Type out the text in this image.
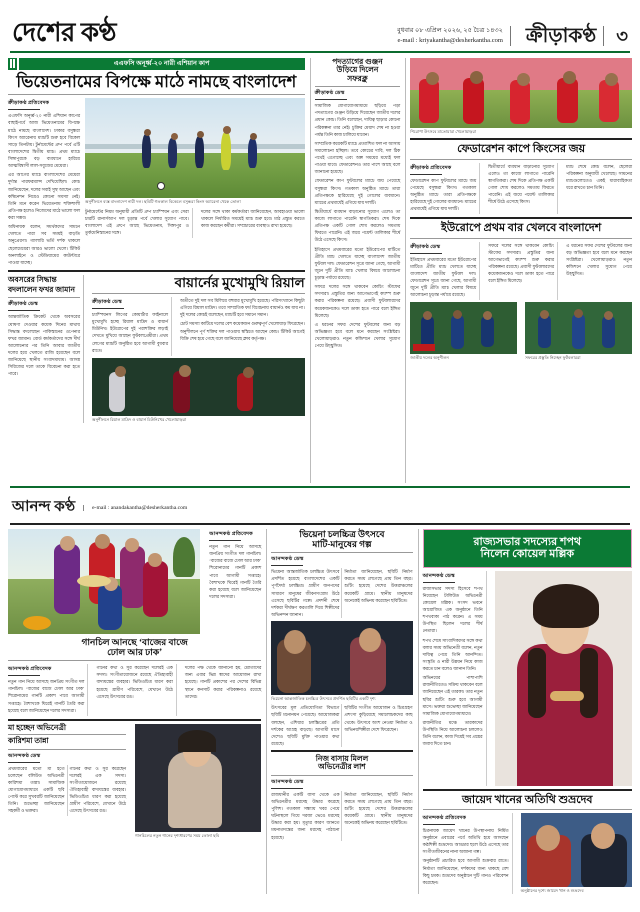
দেশের কণ্ঠ	বুধবার ০৮ এপ্রিল ২০২৬, ২৫ চৈত্র ১৪৩২
e-mail : kriyakantha@desherkantha.com	ক্রীড়াকণ্ঠ	৩
এএফসি অনূর্ধ্ব-২০ নারী এশিয়ান কাপ
ভিয়েতনামের বিপক্ষে মাঠে নামছে বাংলাদেশ
ক্রীড়াকণ্ঠ প্রতিবেদক
এএফসি অনূর্ধ্ব-২০ নারী এশিয়ান কাপের বাছাইপর্বে আজ ভিয়েতনামের বিপক্ষে মাঠে নামছে বাংলাদেশ। ঢাকার বসুন্ধরা কিংস অ্যারেনায় ম্যাচটি শুরু হবে বিকেল সাড়ে তিনটায়। টুর্নামেন্টের গ্রুপ পর্বে এটি বাংলাদেশের দ্বিতীয় ম্যাচ। প্রথম ম্যাচে সিঙ্গাপুরকে বড় ব্যবধানে হারিয়ে আত্মবিশ্বাসী লাল-সবুজের মেয়েরা।
এর আগের ম্যাচে বাংলাদেশের মেয়েরা দুর্দান্ত পারফরম্যান্স দেখিয়েছিল। কোচ জানিয়েছেন, দলের সবাই সুস্থ আছেন এবং কম্বিনেশন নিয়েও কোনো সমস্যা নেই। তিনি মনে করেন ভিয়েতনাম শক্তিশালী প্রতিপক্ষ হলেও নিজেদের মাঠে ভালো ফল করা সম্ভব।
অধিনায়ক বলেন, সমর্থকদের সামনে খেলতে পারা সব সময়ই বাড়তি অনুপ্রেরণা। গ্যালারি ভর্তি দর্শক থাকলে ছেলেমেয়েরা আরও ভালো খেলে। টিকিট অনলাইনে ও স্টেডিয়ামের কাউন্টারে পাওয়া যাচ্ছে।
অনুশীলনে ব্যস্ত বাংলাদেশ নারী দল। ছবিটি গতকাল বিকেলে বসুন্ধরা কিংস অ্যারেনা থেকে তোলা
টুর্নামেন্টের নিয়ম অনুযায়ী প্রতিটি গ্রুপ চ্যাম্পিয়ন এবং সেরা চারটি রানার্সআপ দল চূড়ান্ত পর্বে খেলার সুযোগ পাবে। বাংলাদেশ এই গ্রুপে আছে ভিয়েতনাম, সিঙ্গাপুর ও তুর্কমেনিস্তানের সঙ্গে।
দলের সঙ্গে থাকা কর্মকর্তারা জানিয়েছেন, আবহাওয়া ভালো থাকলে নির্ধারিত সময়েই ম্যাচ শুরু হবে। মাঠ প্রস্তুত করতে কাজ করছেন কর্মীরা। সম্প্রচারের ব্যবস্থাও রাখা হয়েছে।
অবসরের সিদ্ধান্ত
বদলালেন ফখর জামান
ক্রীড়াকণ্ঠ ডেস্ক
আন্তর্জাতিক ক্রিকেট থেকে অবসরের ঘোষণা দেওয়ার কয়েক দিনের মাথায় সিদ্ধান্ত বদলেছেন পাকিস্তানের ওপেনার ফখর জামান। বোর্ড কর্মকর্তাদের সঙ্গে দীর্ঘ আলোচনার পর তিনি আবার জাতীয় দলের হয়ে খেলতে রাজি হয়েছেন বলে জানিয়েছে স্থানীয় সংবাদমাধ্যম। আসন্ন সিরিজের দলে তাকে বিবেচনা করা হতে পারে।
বায়ার্নের মুখোমুখি রিয়াল
ক্রীড়াকণ্ঠ ডেস্ক
চ্যাম্পিয়নস লিগের কোয়ার্টার ফাইনালে মুখোমুখি হচ্ছে রিয়াল মাদ্রিদ ও বায়ার্ন মিউনিখ। ইউরোপের দুই পরাশক্তির লড়াই দেখতে মুখিয়ে আছেন ফুটবলপ্রেমীরা। প্রথম লেগের ম্যাচটি অনুষ্ঠিত হবে আগামী বুধবার রাতে।
অতীতে দুই দল সব মিলিয়ে বহুবার মুখোমুখি হয়েছে। পরিসংখ্যানে কিছুটা এগিয়ে রিয়াল মাদ্রিদ। তবে সাম্প্রতিক ফর্ম বিবেচনায় বায়ার্নও কম যায় না। দুই দলের কোচই বলেছেন, ম্যাচটি হবে সমানে সমান।
চোট সমস্যা কাটিয়ে দলের বেশ কয়েকজন গুরুত্বপূর্ণ খেলোয়াড় ফিরেছেন। অনুশীলনে পূর্ণ শক্তির দল পাওয়ায় স্বস্তিতে আছেন কোচ। টিকিট আগেই বিক্রি শেষ হয়ে গেছে বলে জানিয়েছে ক্লাব কর্তৃপক্ষ।
অনুশীলনে রিয়াল মাদ্রিদ ও বায়ার্ন মিউনিখের খেলোয়াড়রা
পদত্যাগের গুঞ্জন
উড়িয়ে দিলেন
সফরক্লু
ক্রীড়াকণ্ঠ ডেস্ক
সামাজিক যোগাযোগমাধ্যমে ছড়িয়ে পড়া পদত্যাগের গুঞ্জন উড়িয়ে দিয়েছেন জাতীয় দলের প্রধান কোচ। তিনি বলেছেন, দায়িত্ব ছাড়ার কোনো পরিকল্পনা তার নেই। চুক্তির মেয়াদ শেষ না হওয়া পর্যন্ত তিনি কাজ চালিয়ে যাবেন।
সাম্প্রতিক কয়েকটি ম্যাচে প্রত্যাশিত ফল না আসায় সমালোচনা হচ্ছিল। তবে কোচের দাবি, দল ঠিক পথেই এগোচ্ছে এবং অল্প সময়ের মধ্যেই ফল পাওয়া যাবে। ফেডারেশনও তার পাশে আছে বলে জানানো হয়েছে।
ফেডারেশন কাপ ফুটবলের ম্যাচে জয় পেয়েছে বসুন্ধরা কিংস। গতকাল অনুষ্ঠিত ম্যাচে তারা প্রতিপক্ষকে হারিয়েছে দুই গোলের ব্যবধানে। ম্যাচের প্রথমার্ধেই এগিয়ে যায় দলটি।
দ্বিতীয়ার্ধে ব্যবধান বাড়ানোর সুযোগ এলেও তা কাজে লাগাতে পারেনি স্বাগতিকরা। শেষ দিকে প্রতিপক্ষ একটি গোল শোধ করলেও সমতায় ফিরতে পারেনি। এই জয়ে পয়েন্ট তালিকার শীর্ষে উঠে এসেছে কিংস।
ইতিহাসে প্রথমবারের মতো ইউরোপের মাটিতে প্রীতি ম্যাচ খেলতে যাচ্ছে বাংলাদেশ জাতীয় ফুটবল দল। ফেডারেশন সূত্রে জানা গেছে, আগামী জুনে দুটি প্রীতি ম্যাচ খেলার বিষয়ে আলোচনা চূড়ান্ত পর্যায়ে রয়েছে।
সফরে দলের সঙ্গে থাকবেন কোচিং স্টাফের সদস্যরা। প্রস্তুতির জন্য আগেভাগেই ক্যাম্প শুরু করার পরিকল্পনা রয়েছে। প্রবাসী ফুটবলারদের কয়েকজনকেও দলে ডাকা হতে পারে বলে ইঙ্গিত মিলেছে।
এ ধরনের সফর দেশের ফুটবলের জন্য বড় অভিজ্ঞতা হবে বলে মনে করছেন সংশ্লিষ্টরা। খেলোয়াড়রাও নতুন কন্ডিশনে খেলার সুযোগ পেয়ে উচ্ছ্বসিত।
শিরোপা উৎসবে মাতোয়ারা খেলোয়াড়রা
ফেডারেশন কাপে কিংসের জয়
ক্রীড়াকণ্ঠ প্রতিবেদক
ফেডারেশন কাপ ফুটবলের ম্যাচে জয় পেয়েছে বসুন্ধরা কিংস। গতকাল অনুষ্ঠিত ম্যাচে তারা প্রতিপক্ষকে হারিয়েছে দুই গোলের ব্যবধানে। ম্যাচের প্রথমার্ধেই এগিয়ে যায় দলটি।
দ্বিতীয়ার্ধে ব্যবধান বাড়ানোর সুযোগ এলেও তা কাজে লাগাতে পারেনি স্বাগতিকরা। শেষ দিকে প্রতিপক্ষ একটি গোল শোধ করলেও সমতায় ফিরতে পারেনি। এই জয়ে পয়েন্ট তালিকার শীর্ষে উঠে এসেছে কিংস।
ম্যাচ শেষে কোচ বলেন, ছেলেরা পরিকল্পনা অনুযায়ী খেলেছে। সামনের ম্যাচগুলোতেও একই ধারাবাহিকতা ধরে রাখতে চান তিনি।
ইউরোপে প্রথম বার খেলবে বাংলাদেশ
ক্রীড়াকণ্ঠ ডেস্ক
ইতিহাসে প্রথমবারের মতো ইউরোপের মাটিতে প্রীতি ম্যাচ খেলতে যাচ্ছে বাংলাদেশ জাতীয় ফুটবল দল। ফেডারেশন সূত্রে জানা গেছে, আগামী জুনে দুটি প্রীতি ম্যাচ খেলার বিষয়ে আলোচনা চূড়ান্ত পর্যায়ে রয়েছে।
সফরে দলের সঙ্গে থাকবেন কোচিং স্টাফের সদস্যরা। প্রস্তুতির জন্য আগেভাগেই ক্যাম্প শুরু করার পরিকল্পনা রয়েছে। প্রবাসী ফুটবলারদের কয়েকজনকেও দলে ডাকা হতে পারে বলে ইঙ্গিত মিলেছে।
এ ধরনের সফর দেশের ফুটবলের জন্য বড় অভিজ্ঞতা হবে বলে মনে করছেন সংশ্লিষ্টরা। খেলোয়াড়রাও নতুন কন্ডিশনে খেলার সুযোগ পেয়ে উচ্ছ্বসিত।
জাতীয় দলের অনুশীলন	সফরের প্রস্তুতি নিচ্ছেন ফুটবলাররা
আনন্দ কণ্ঠ	e-mail : anandakantha@desherkantha.com
আনন্দকণ্ঠ প্রতিবেদক
নতুন গান নিয়ে আসছে জনপ্রিয় সংগীত দল গানচিল। ‘বাজের বাজে ঢোল আর ঢাক’ শিরোনামের গানটি প্রকাশ পাবে আগামী সপ্তাহে। বৈশাখকে ঘিরেই গানটি তৈরি করা হয়েছে বলে জানিয়েছেন দলের সদস্যরা।
গানচিল আনছে ‘বাজের বাজে
ঢোল আর ঢাক’
আনন্দকণ্ঠ প্রতিবেদক
নতুন গান নিয়ে আসছে জনপ্রিয় সংগীত দল গানচিল। ‘বাজের বাজে ঢোল আর ঢাক’ শিরোনামের গানটি প্রকাশ পাবে আগামী সপ্তাহে। বৈশাখকে ঘিরেই গানটি তৈরি করা হয়েছে বলে জানিয়েছেন দলের সদস্যরা।
গানের কথা ও সুর করেছেন দলেরই এক সদস্য। সংগীতায়োজনে রয়েছে ঐতিহ্যবাহী বাদ্যযন্ত্রের ব্যবহার। ভিডিওচিত্র ধারণ করা হয়েছে গ্রামীণ পরিবেশে, যেখানে উঠে এসেছে উৎসবের রঙ।
দলের পক্ষ থেকে জানানো হয়, শ্রোতাদের জন্য এবার ভিন্ন স্বাদের আয়োজন রাখা হয়েছে। গানটি প্রকাশের পর দেশের বিভিন্ন স্থানে কনসার্ট করার পরিকল্পনাও রয়েছে তাদের।
মা হচ্ছেন অভিনেত্রী
কারিশমা তান্না
আনন্দকণ্ঠ ডেস্ক
প্রথমবারের মতো মা হতে চলেছেন বলিউড অভিনেত্রী কারিশমা তান্না। সামাজিক যোগাযোগমাধ্যমে একটি ছবি পোস্ট করে সুখবরটি জানিয়েছেন তিনি। শুভেচ্ছা জানিয়েছেন সহকর্মী ও ভক্তরা।
গানের কথা ও সুর করেছেন দলেরই এক সদস্য। সংগীতায়োজনে রয়েছে ঐতিহ্যবাহী বাদ্যযন্ত্রের ব্যবহার। ভিডিওচিত্র ধারণ করা হয়েছে গ্রামীণ পরিবেশে, যেখানে উঠে এসেছে উৎসবের রঙ।
গানচিলের নতুন গানের দৃশ্যধারণের সময় তোলা ছবি
ভিয়েনা চলচ্চিত্র উৎসবে
মাটি-মানুষের গল্প
আনন্দকণ্ঠ ডেস্ক
ভিয়েনা আন্তর্জাতিক চলচ্চিত্র উৎসবে প্রদর্শিত হয়েছে বাংলাদেশের একটি পূর্ণদৈর্ঘ্য চলচ্চিত্র। গ্রামীণ জনপদের সাধারণ মানুষের জীবনসংগ্রাম উঠে এসেছে ছবিটির গল্পে। প্রদর্শনী শেষে দর্শকরা দীর্ঘক্ষণ করতালি দিয়ে শিল্পীদের অভিনন্দন জানান।
নির্মাতা জানিয়েছেন, ছবিটি নির্মাণ করতে সময় লেগেছে প্রায় তিন বছর। শুটিং হয়েছে দেশের উত্তরাঞ্চলের কয়েকটি গ্রামে। স্থানীয় মানুষদের অনেকেই অভিনয় করেছেন ছবিটিতে।
ভিয়েনা আন্তর্জাতিক চলচ্চিত্র উৎসবে প্রদর্শিত ছবিটির একটি দৃশ্য
উৎসবের মূল প্রতিযোগিতা বিভাগে ছবিটি মনোনয়ন পেয়েছে। আয়োজকরা বলছেন, এশিয়ার চলচ্চিত্রের প্রতি দর্শকের আগ্রহ বাড়ছে। আগামী মাসে দেশেও ছবিটি মুক্তি পাওয়ার কথা রয়েছে।
ছবিটির সংগীত আয়োজন ও চিত্রগ্রহণ প্রশংসা কুড়িয়েছে সমালোচকদের কাছ থেকে। উৎসবে অংশ নেওয়া নির্মাতা ও অভিনয়শিল্পীরা দেশে ফিরেছেন।
নিজ বাসায় মিলল
অভিনেত্রীর লাশ
আনন্দকণ্ঠ ডেস্ক
রাজধানীর একটি বাসা থেকে এক অভিনেত্রীর মরদেহ উদ্ধার করেছে পুলিশ। গতকাল সন্ধ্যায় খবর পেয়ে ঘটনাস্থলে গিয়ে দরজা ভেঙে মরদেহ উদ্ধার করা হয়। মৃত্যুর কারণ জানতে ময়নাতদন্তের জন্য মরদেহ পাঠানো হয়েছে।
নির্মাতা জানিয়েছেন, ছবিটি নির্মাণ করতে সময় লেগেছে প্রায় তিন বছর। শুটিং হয়েছে দেশের উত্তরাঞ্চলের কয়েকটি গ্রামে। স্থানীয় মানুষদের অনেকেই অভিনয় করেছেন ছবিটিতে।
রাজ্যসভার সদস্যের শপথ
নিলেন কোয়েল মল্লিক
আনন্দকণ্ঠ ডেস্ক
রাজ্যসভার সদস্য হিসেবে শপথ নিয়েছেন টালিউড অভিনেত্রী কোয়েল মল্লিক। সংসদ ভবনে আয়োজিত এক অনুষ্ঠানে তিনি শপথবাক্য পাঠ করেন। এ সময় উপস্থিত ছিলেন দলের শীর্ষ নেতারা।
শপথ শেষে সাংবাদিকদের সঙ্গে কথা বলার সময় অভিনেত্রী বলেন, নতুন দায়িত্ব পেয়ে তিনি আনন্দিত। সংস্কৃতি ও নারী উন্নয়ন নিয়ে কাজ করতে চান বলেও জানান তিনি।
অভিনয়ের পাশাপাশি রাজনীতিতেও সক্রিয় থাকবেন বলে জানিয়েছেন এই তারকা। তার নতুন ছবির শুটিং শুরু হবে আগামী মাসে। ভক্তরা শুভেচ্ছা জানিয়েছেন সামাজিক যোগাযোগমাধ্যমে।
রাজনীতির মঞ্চে তারকাদের উপস্থিতি নিয়ে আলোচনা চললেও তিনি বলেন, কাজ দিয়েই সব প্রশ্নের জবাব দিতে চান।
জায়েদ খানের অতিথি শুভ্রদেব
আনন্দকণ্ঠ প্রতিবেদক
চিত্রনায়ক জায়েদ খানের উপস্থাপনায় নির্মিত অনুষ্ঠানে এবারের পর্বে অতিথি হয়ে আসছেন কণ্ঠশিল্পী শুভ্রদেব। আড্ডার ছলে উঠে এসেছে তার সংগীতজীবনের নানা অজানা গল্প।
অনুষ্ঠানটি প্রচারিত হবে আগামী শুক্রবার রাতে। নির্মাতা জানিয়েছেন, দর্শকদের জন্য থাকছে বেশ কিছু চমক। শুভ্রদেব অনুষ্ঠানে দুটি গানও পরিবেশন করেছেন।
অনুষ্ঠানের দৃশ্যে জায়েদ খান ও শুভ্রদেব
